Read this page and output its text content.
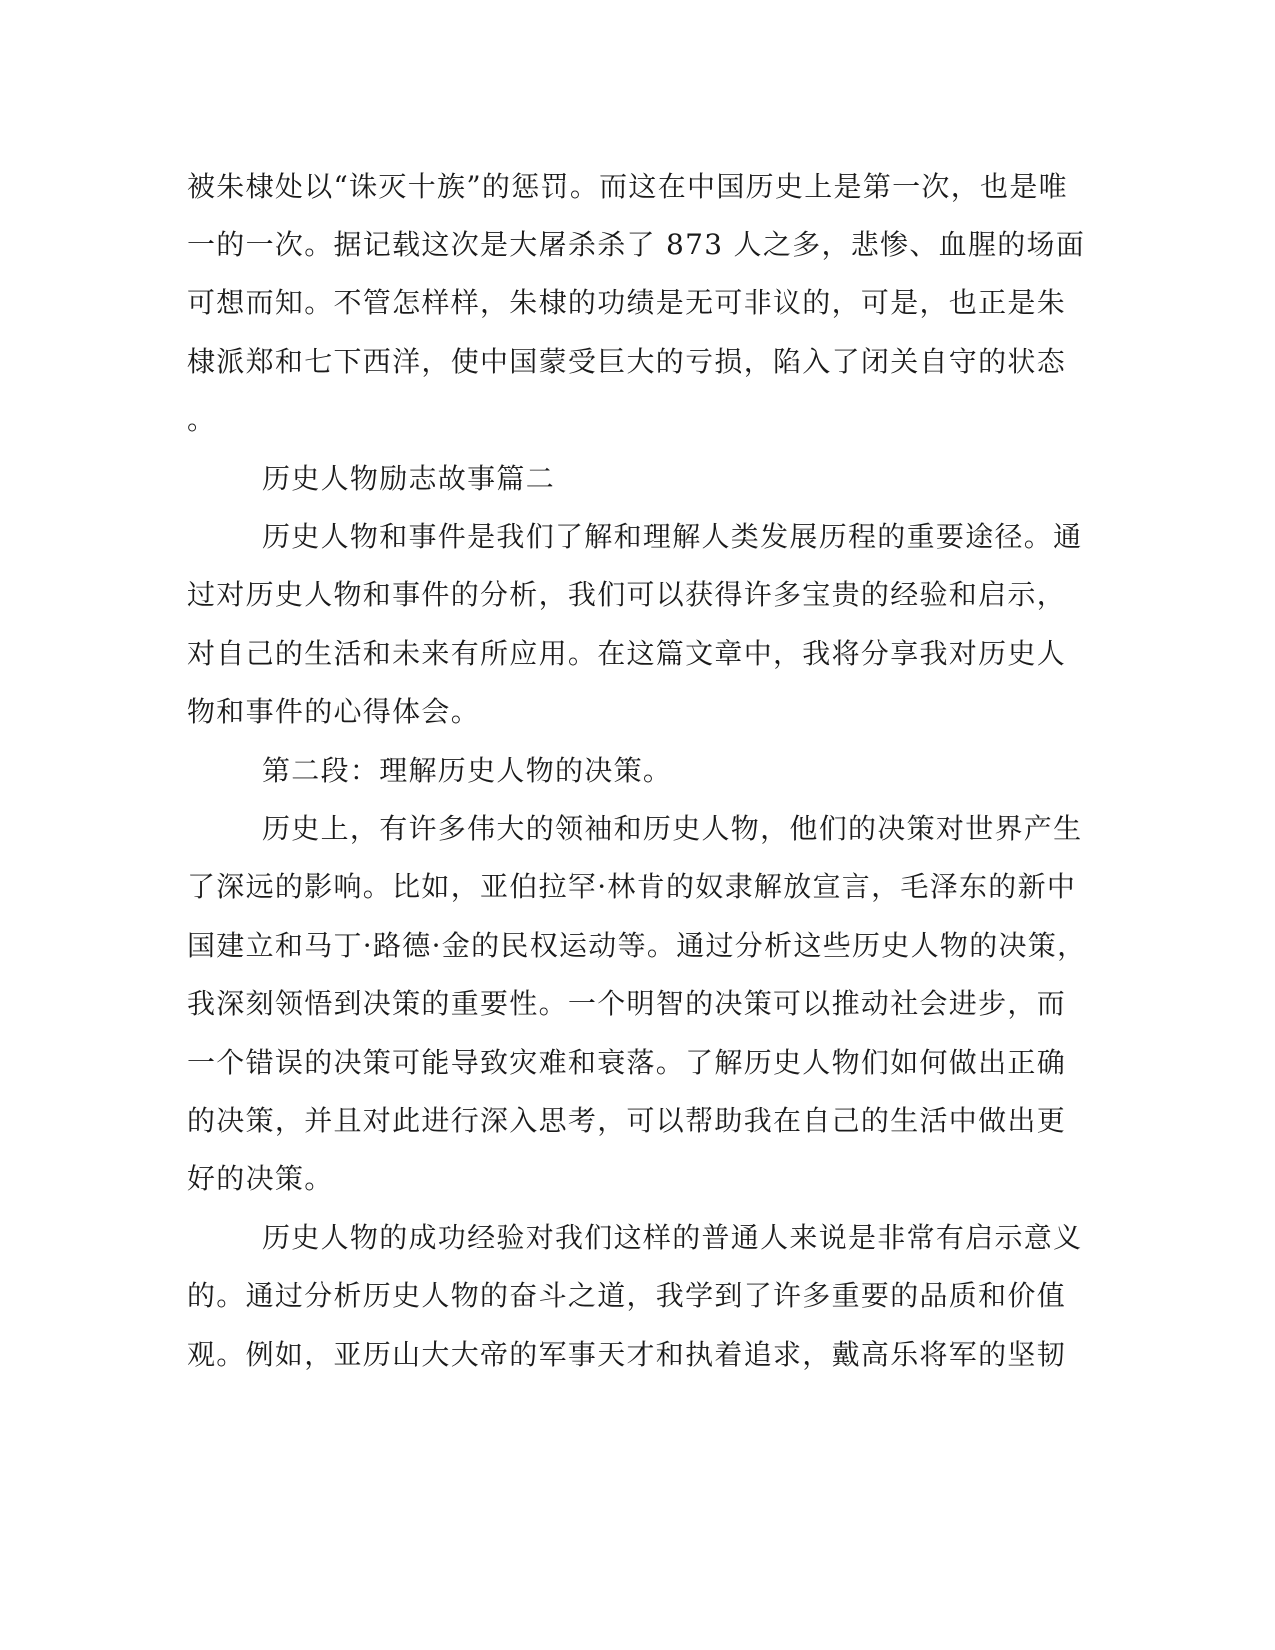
被朱棣处以“诛灭十族”的惩罚。而这在中国历史上是第一次，也是唯
一的一次。据记载这次是大屠杀杀了 873 人之多，悲惨、血腥的场面
可想而知。不管怎样样，朱棣的功绩是无可非议的，可是，也正是朱
棣派郑和七下西洋，使中国蒙受巨大的亏损，陷入了闭关自守的状态
。
历史人物励志故事篇二
历史人物和事件是我们了解和理解人类发展历程的重要途径。通
过对历史人物和事件的分析，我们可以获得许多宝贵的经验和启示，
对自己的生活和未来有所应用。在这篇文章中，我将分享我对历史人
物和事件的心得体会。
第二段：理解历史人物的决策。
历史上，有许多伟大的领袖和历史人物，他们的决策对世界产生
了深远的影响。比如，亚伯拉罕·林肯的奴隶解放宣言，毛泽东的新中
国建立和马丁·路德·金的民权运动等。通过分析这些历史人物的决策，
我深刻领悟到决策的重要性。一个明智的决策可以推动社会进步，而
一个错误的决策可能导致灾难和衰落。了解历史人物们如何做出正确
的决策，并且对此进行深入思考，可以帮助我在自己的生活中做出更
好的决策。
历史人物的成功经验对我们这样的普通人来说是非常有启示意义
的。通过分析历史人物的奋斗之道，我学到了许多重要的品质和价值
观。例如，亚历山大大帝的军事天才和执着追求，戴高乐将军的坚韧
